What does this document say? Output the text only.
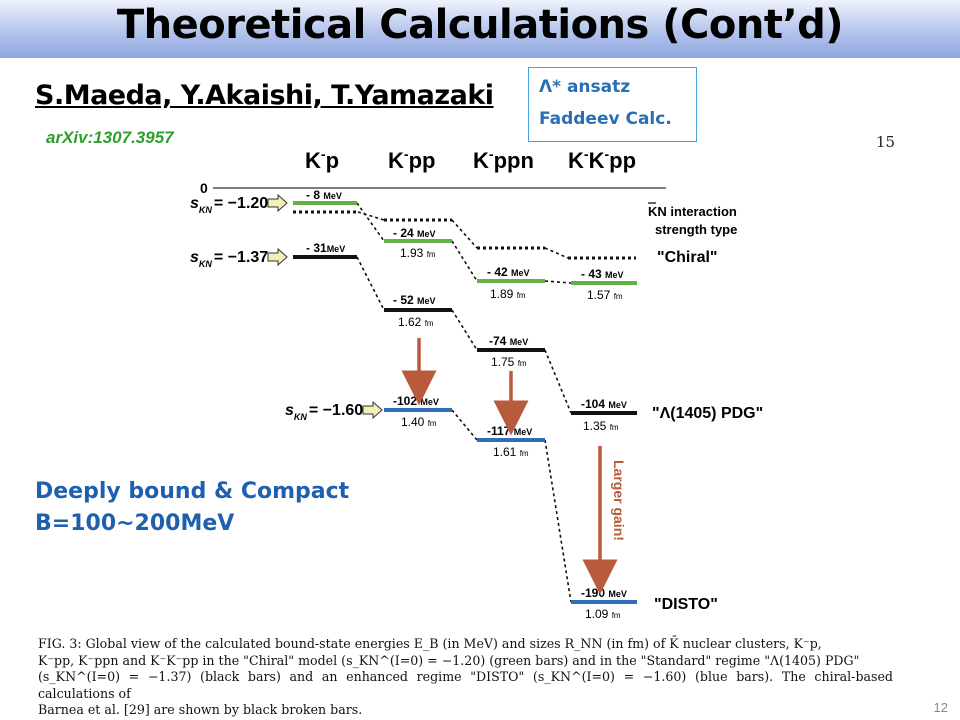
Theoretical Calculations (Cont’d)
S.Maeda, Y.Akaishi, T.Yamazaki
arXiv:1307.3957
Λ* ansatz
Faddeev Calc.
15
K-p K-pp K-ppn K-K-pp
0
KN interaction
strength type
$s_{KN} = -1.20$
$s_{KN} = -1.37$
$s_{KN} = -1.60$
- 8 MeV
- 24 MeV
1.93 fm
- 42 MeV
1.89 fm
- 43 MeV
1.57 fm
- 31MeV
- 52 MeV
1.62 fm
-74 MeV
1.75 fm
-104 MeV
1.35 fm
-102 MeV
1.40 fm
-117 MeV
1.61 fm
-190 MeV
1.09 fm
"Chiral"
"Λ(1405) PDG"
"DISTO"
Larger gain!
Deeply bound & Compact
B=100~200MeV

FIG. 3: Global view of the calculated bound-state energies E_B (in MeV) and sizes R_NN (in fm) of K̄ nuclear clusters, K⁻p,

K⁻pp, K⁻ppn and K⁻K⁻pp in the "Chiral" model (s_KN^(I=0) = −1.20) (green bars) and in the "Standard" regime "Λ(1405) PDG"

(s_KN^(I=0) = −1.37) (black bars) and an enhanced regime "DISTO" (s_KN^(I=0) = −1.60) (blue bars). The chiral-based calculations of

Barnea et al. [29] are shown by black broken bars.	12
